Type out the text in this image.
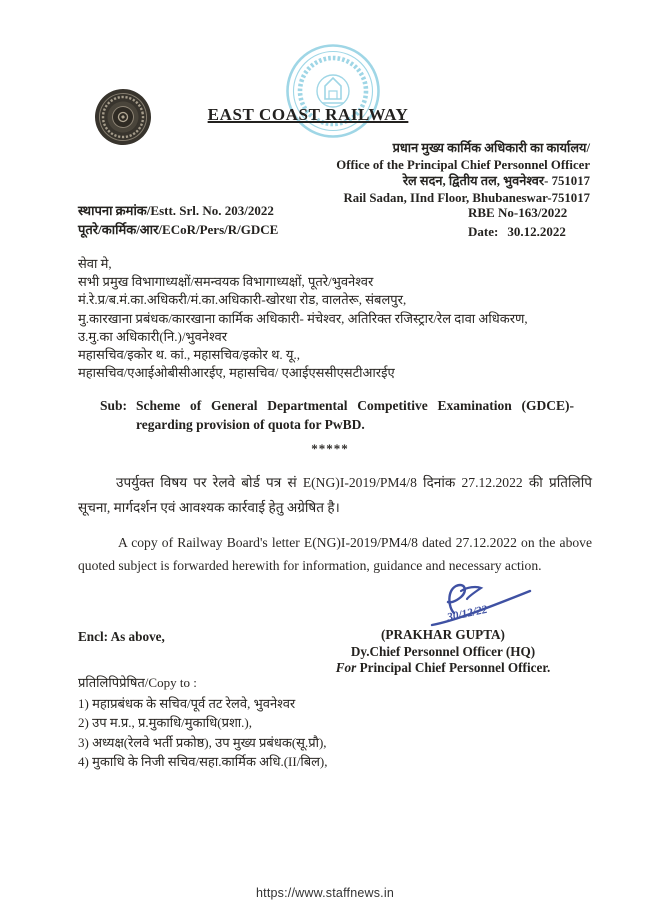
EAST COAST RAILWAY
प्रधान मुख्य कार्मिक अधिकारी का कार्यालय/
Office of the Principal Chief Personnel Officer
रेल सदन, द्वितीय तल, भुवनेश्वर- 751017
Rail Sadan, IInd Floor, Bhubaneswar-751017
स्थापना क्रमांक/Estt. Srl. No. 203/2022
पूतरे/कार्मिक/आर/ECoR/Pers/R/GDCE
RBE No-163/2022
Date: 30.12.2022
सेवा मे,
सभी प्रमुख विभागाध्यक्षों/समन्वयक विभागाध्यक्षों, पूतरे/भुवनेश्वर
मं.रे.प्र/ब.मं.का.अधिकरी/मं.का.अधिकारी-खोरधा रोड, वालतेरू, संबलपुर,
मु.कारखाना प्रबंधक/कारखाना कार्मिक अधिकारी- मंचेश्वर, अतिरिक्त रजिस्ट्रार/रेल दावा अधिकरण,
उ.मु.का अधिकारी(नि.)/भुवनेश्वर
महासचिव/इकोर थ. कां., महासचिव/इकोर थ. यू.,
महासचिव/एआईओबीसीआरईए, महासचिव/ एआईएससीएसटीआरईए
Sub: Scheme of General Departmental Competitive Examination (GDCE)-regarding provision of quota for PwBD.
*****
उपर्युक्त विषय पर रेलवे बोर्ड पत्र सं E(NG)I-2019/PM4/8 दिनांक 27.12.2022 की प्रतिलिपि सूचना, मार्गदर्शन एवं आवश्यक कार्रवाई हेतु अग्रेषित है।
A copy of Railway Board's letter E(NG)I-2019/PM4/8 dated 27.12.2022 on the above quoted subject is forwarded herewith for information, guidance and necessary action.
30/12/22
(PRAKHAR GUPTA)
Dy.Chief Personnel Officer (HQ)
For Principal Chief Personnel Officer.
Encl: As above,
प्रतिलिपिप्रेषित/Copy to :
1) महाप्रबंधक के सचिव/पूर्व तट रेलवे, भुवनेश्वर
2) उप म.प्र., प्र.मुकाधि/मुकाधि(प्रशा.),
3) अध्यक्ष(रेलवे भर्ती प्रकोष्ठ), उप मुख्य प्रबंधक(सू.प्रौ),
4) मुकाधि के निजी सचिव/सहा.कार्मिक अधि.(II/बिल),
https://www.staffnews.in
